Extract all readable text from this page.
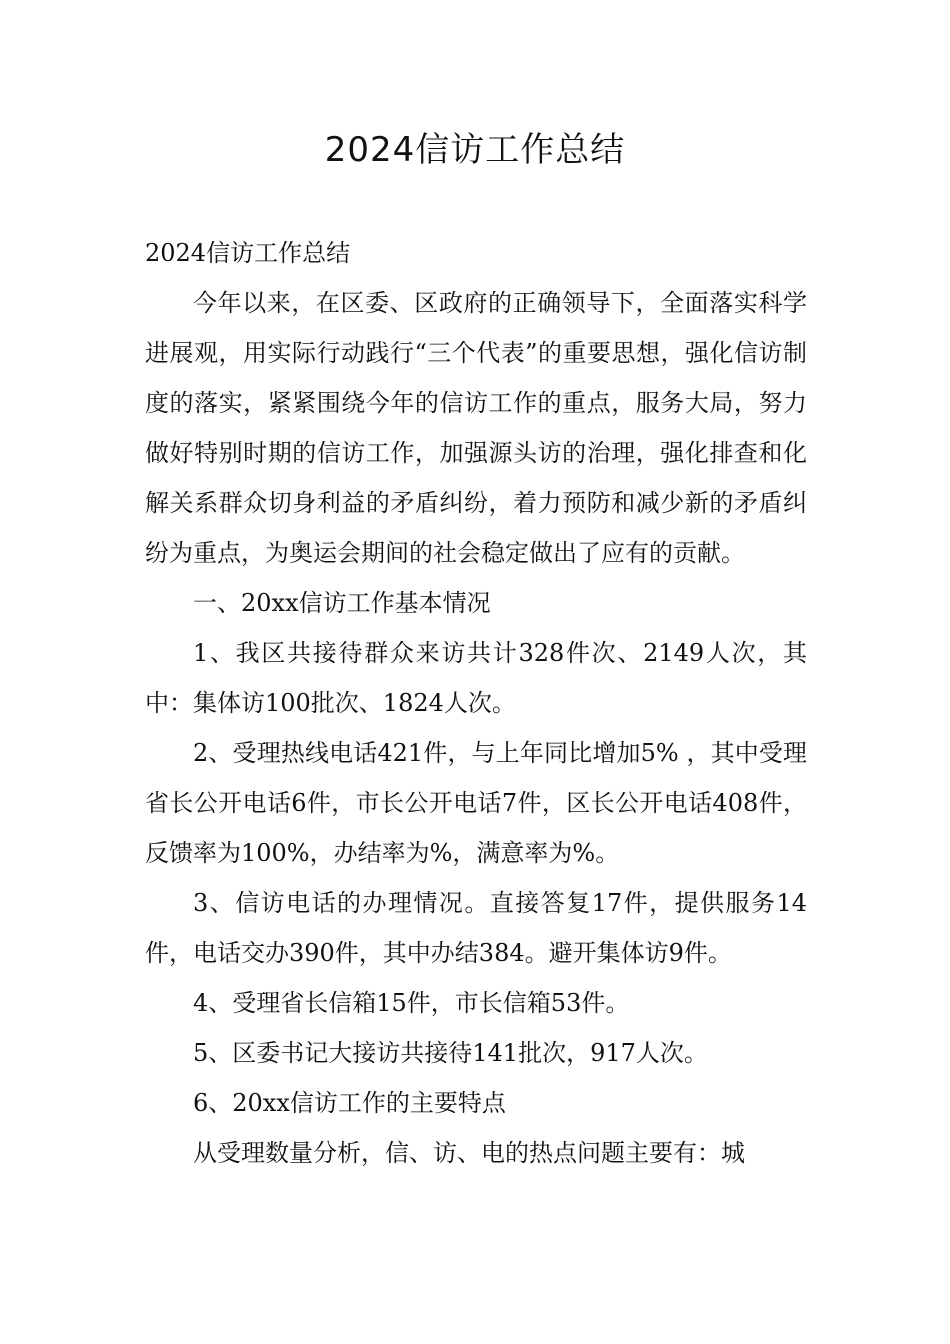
2024信访工作总结

2024信访工作总结

今年以来，在区委、区政府的正确领导下，全面落实科学进展观，用实际行动践行“三个代表”的重要思想，强化信访制度的落实，紧紧围绕今年的信访工作的重点，服务大局，努力做好特别时期的信访工作，加强源头访的治理，强化排查和化解关系群众切身利益的矛盾纠纷，着力预防和减少新的矛盾纠纷为重点，为奥运会期间的社会稳定做出了应有的贡献。

一、20xx信访工作基本情况

1、我区共接待群众来访共计328件次、2149人次，其中：集体访100批次、1824人次。

2、受理热线电话421件，与上年同比增加5% ，其中受理省长公开电话6件，市长公开电话7件，区长公开电话408件，反馈率为100%，办结率为%，满意率为%。

3、信访电话的办理情况。直接答复17件，提供服务14件，电话交办390件，其中办结384。避开集体访9件。

4、受理省长信箱15件，市长信箱53件。

5、区委书记大接访共接待141批次，917人次。

6、20xx信访工作的主要特点

从受理数量分析，信、访、电的热点问题主要有：城
